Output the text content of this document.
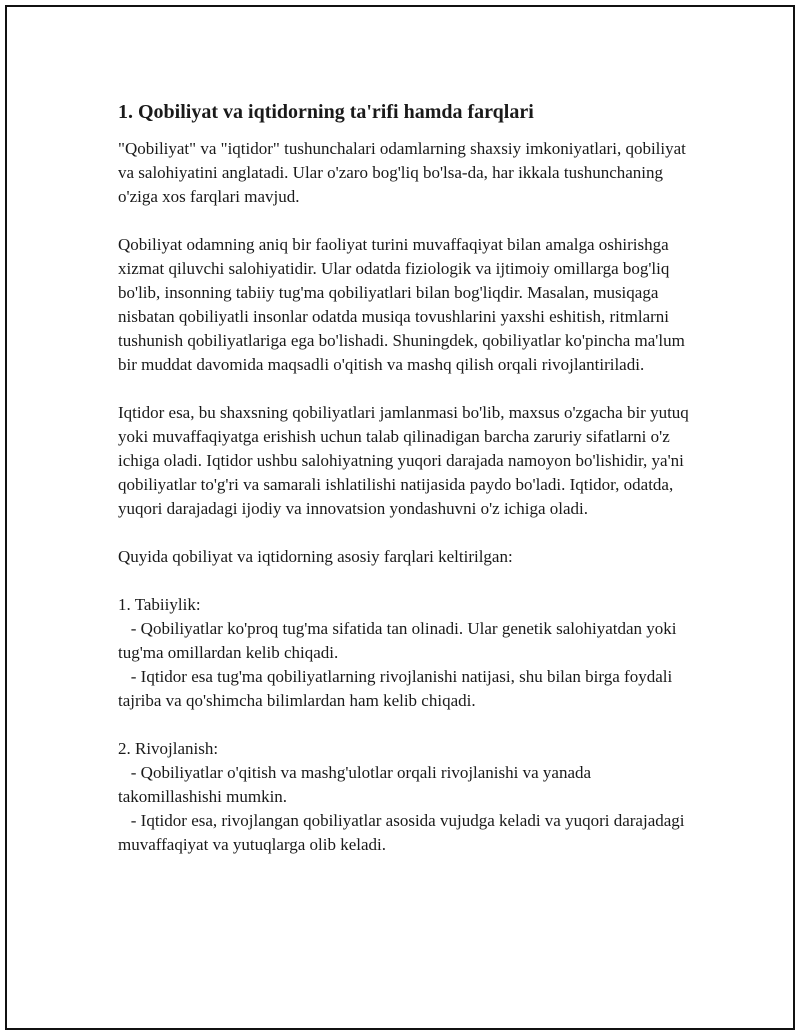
1. Qobiliyat va iqtidorning ta'rifi hamda farqlari

"Qobiliyat" va "iqtidor" tushunchalari odamlarning shaxsiy imkoniyatlari, qobiliyat va salohiyatini anglatadi. Ular o'zaro bog'liq bo'lsa-da, har ikkala tushunchaning o'ziga xos farqlari mavjud.

Qobiliyat odamning aniq bir faoliyat turini muvaffaqiyat bilan amalga oshirishga xizmat qiluvchi salohiyatidir. Ular odatda fiziologik va ijtimoiy omillarga bog'liq bo'lib, insonning tabiiy tug'ma qobiliyatlari bilan bog'liqdir. Masalan, musiqaga nisbatan qobiliyatli insonlar odatda musiqa tovushlarini yaxshi eshitish, ritmlarni tushunish qobiliyatlariga ega bo'lishadi. Shuningdek, qobiliyatlar ko'pincha ma'lum bir muddat davomida maqsadli o'qitish va mashq qilish orqali rivojlantiriladi.

Iqtidor esa, bu shaxsning qobiliyatlari jamlanmasi bo'lib, maxsus o'zgacha bir yutuq yoki muvaffaqiyatga erishish uchun talab qilinadigan barcha zaruriy sifatlarni o'z ichiga oladi. Iqtidor ushbu salohiyatning yuqori darajada namoyon bo'lishidir, ya'ni qobiliyatlar to'g'ri va samarali ishlatilishi natijasida paydo bo'ladi. Iqtidor, odatda, yuqori darajadagi ijodiy va innovatsion yondashuvni o'z ichiga oladi.

Quyida qobiliyat va iqtidorning asosiy farqlari keltirilgan:

1. Tabiiylik:

- Qobiliyatlar ko'proq tug'ma sifatida tan olinadi. Ular genetik salohiyatdan yoki tug'ma omillardan kelib chiqadi.

- Iqtidor esa tug'ma qobiliyatlarning rivojlanishi natijasi, shu bilan birga foydali tajriba va qo'shimcha bilimlardan ham kelib chiqadi.

2. Rivojlanish:

- Qobiliyatlar o'qitish va mashg'ulotlar orqali rivojlanishi va yanada takomillashishi mumkin.

- Iqtidor esa, rivojlangan qobiliyatlar asosida vujudga keladi va yuqori darajadagi muvaffaqiyat va yutuqlarga olib keladi.
